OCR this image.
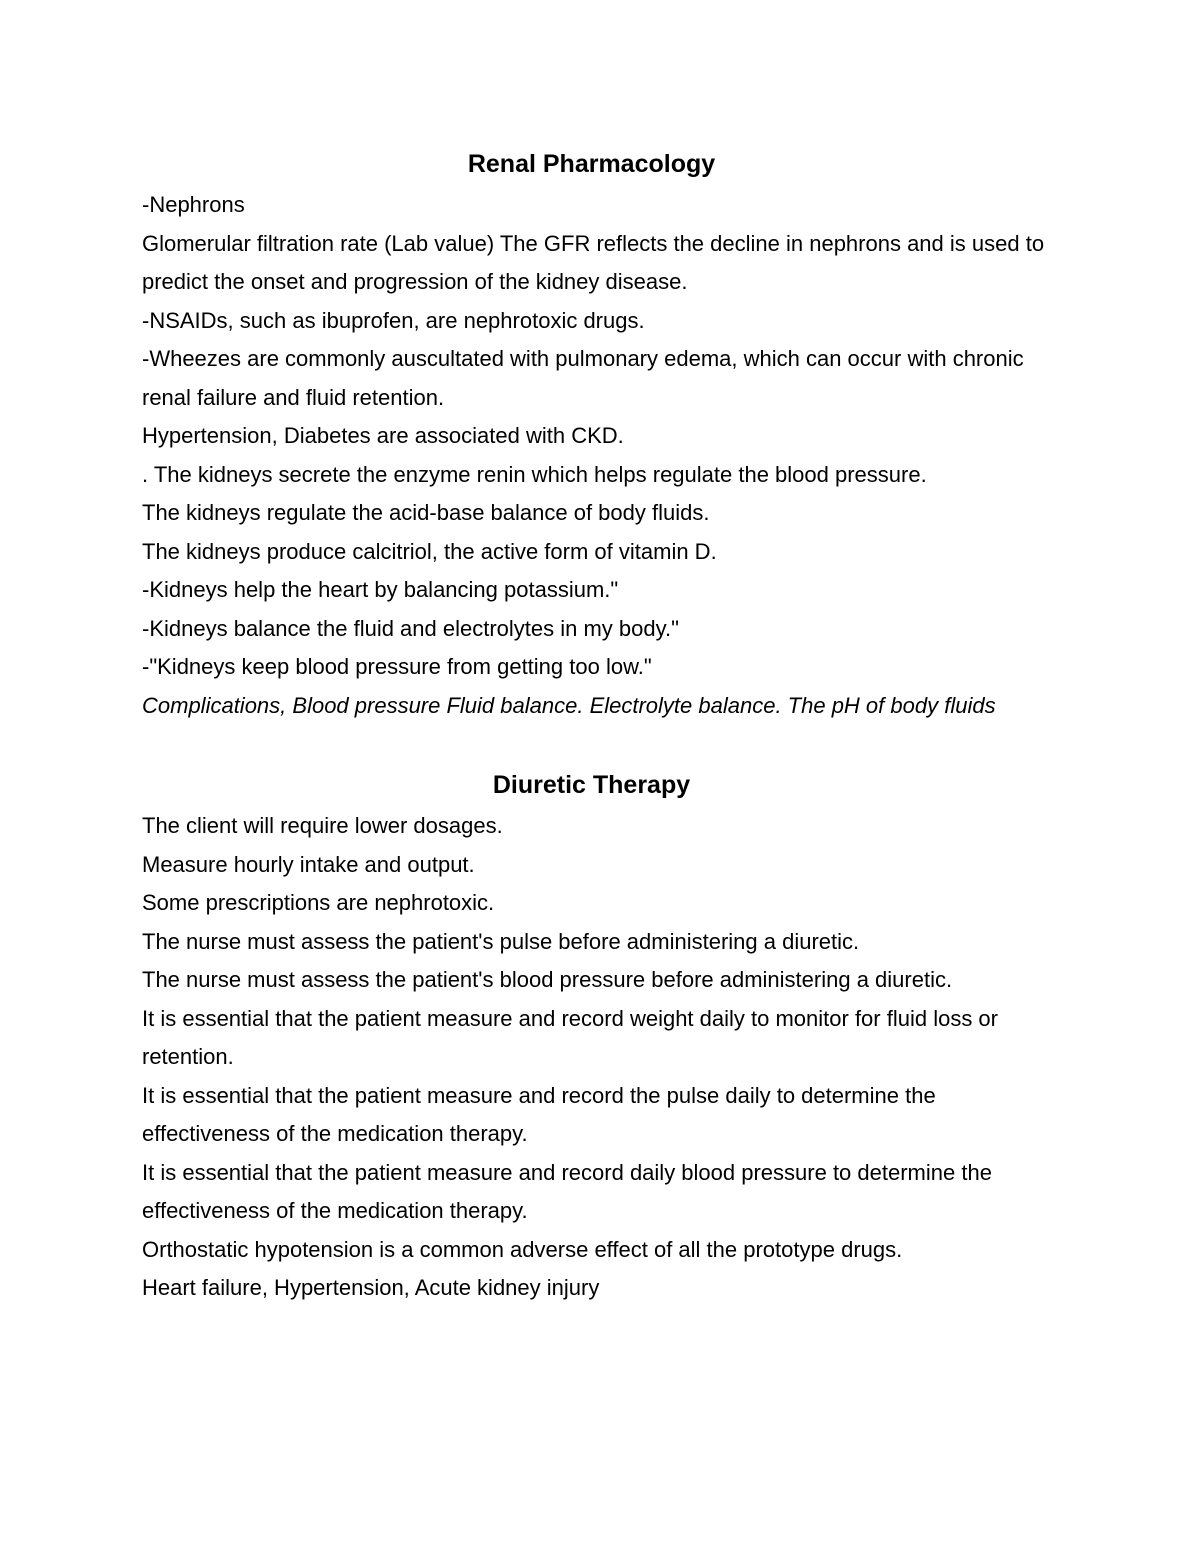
Renal Pharmacology

-Nephrons

Glomerular filtration rate (Lab value) The GFR reflects the decline in nephrons and is used to predict the onset and progression of the kidney disease.

-NSAIDs, such as ibuprofen, are nephrotoxic drugs.

-Wheezes are commonly auscultated with pulmonary edema, which can occur with chronic renal failure and fluid retention.

Hypertension, Diabetes are associated with CKD.

. The kidneys secrete the enzyme renin which helps regulate the blood pressure.

The kidneys regulate the acid-base balance of body fluids.

The kidneys produce calcitriol, the active form of vitamin D.

-Kidneys help the heart by balancing potassium."

-Kidneys balance the fluid and electrolytes in my body."

-"Kidneys keep blood pressure from getting too low."

Complications, Blood pressure Fluid balance. Electrolyte balance. The pH of body fluids

Diuretic Therapy

The client will require lower dosages.

Measure hourly intake and output.

Some prescriptions are nephrotoxic.

The nurse must assess the patient's pulse before administering a diuretic.

The nurse must assess the patient's blood pressure before administering a diuretic.

It is essential that the patient measure and record weight daily to monitor for fluid loss or retention.

It is essential that the patient measure and record the pulse daily to determine the effectiveness of the medication therapy.

It is essential that the patient measure and record daily blood pressure to determine the effectiveness of the medication therapy.

Orthostatic hypotension is a common adverse effect of all the prototype drugs.

Heart failure, Hypertension, Acute kidney injury
